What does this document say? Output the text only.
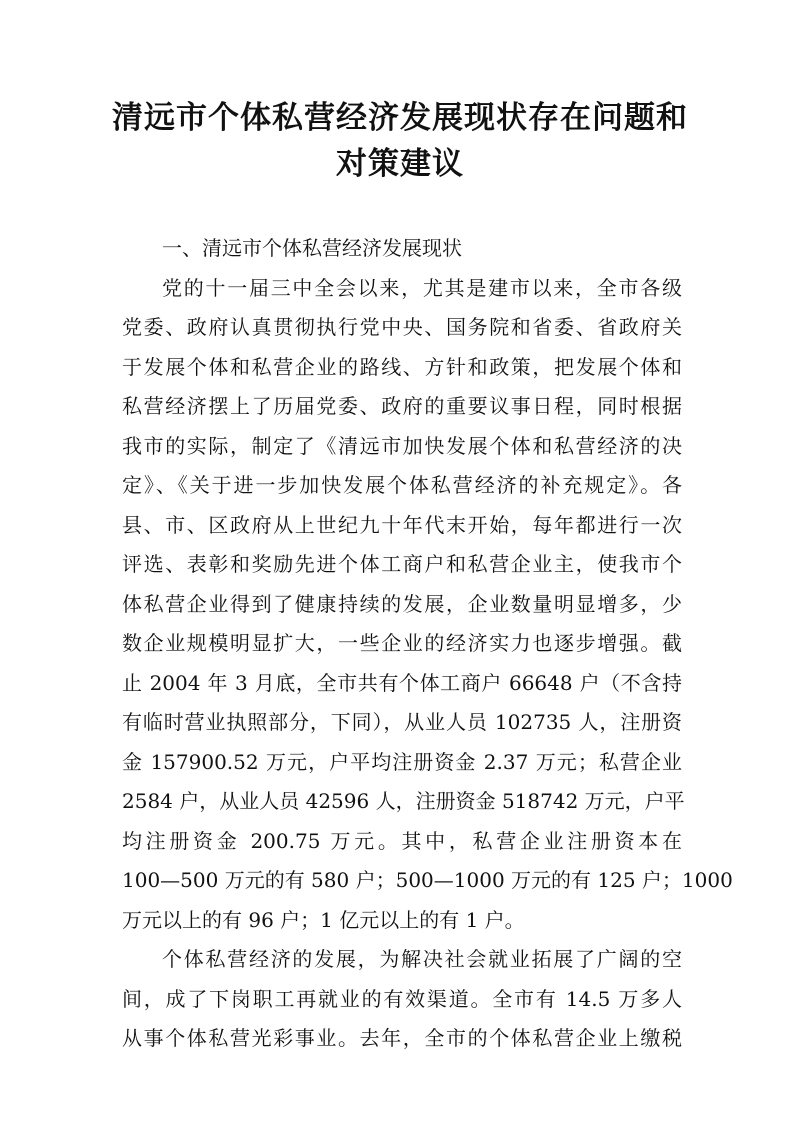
清远市个体私营经济发展现状存在问题和
对策建议
一、清远市个体私营经济发展现状
党的十一届三中全会以来，尤其是建市以来，全市各级
党委、政府认真贯彻执行党中央、国务院和省委、省政府关
于发展个体和私营企业的路线、方针和政策，把发展个体和
私营经济摆上了历届党委、政府的重要议事日程，同时根据
我市的实际，制定了《清远市加快发展个体和私营经济的决
定》、《关于进一步加快发展个体私营经济的补充规定》。各
县、市、区政府从上世纪九十年代末开始，每年都进行一次
评选、表彰和奖励先进个体工商户和私营企业主，使我市个
体私营企业得到了健康持续的发展，企业数量明显增多，少
数企业规模明显扩大，一些企业的经济实力也逐步增强。截
止 2004 年 3 月底，全市共有个体工商户 66648 户（不含持
有临时营业执照部分，下同），从业人员 102735 人，注册资
金 157900.52 万元，户平均注册资金 2.37 万元；私营企业
2584 户，从业人员 42596 人，注册资金 518742 万元，户平
均注册资金 200.75 万元。其中，私营企业注册资本在
100—500 万元的有 580 户；500—1000 万元的有 125 户；1000
万元以上的有 96 户；1 亿元以上的有 1 户。
个体私营经济的发展，为解决社会就业拓展了广阔的空
间，成了下岗职工再就业的有效渠道。全市有 14.5 万多人
从事个体私营光彩事业。去年，全市的个体私营企业上缴税
